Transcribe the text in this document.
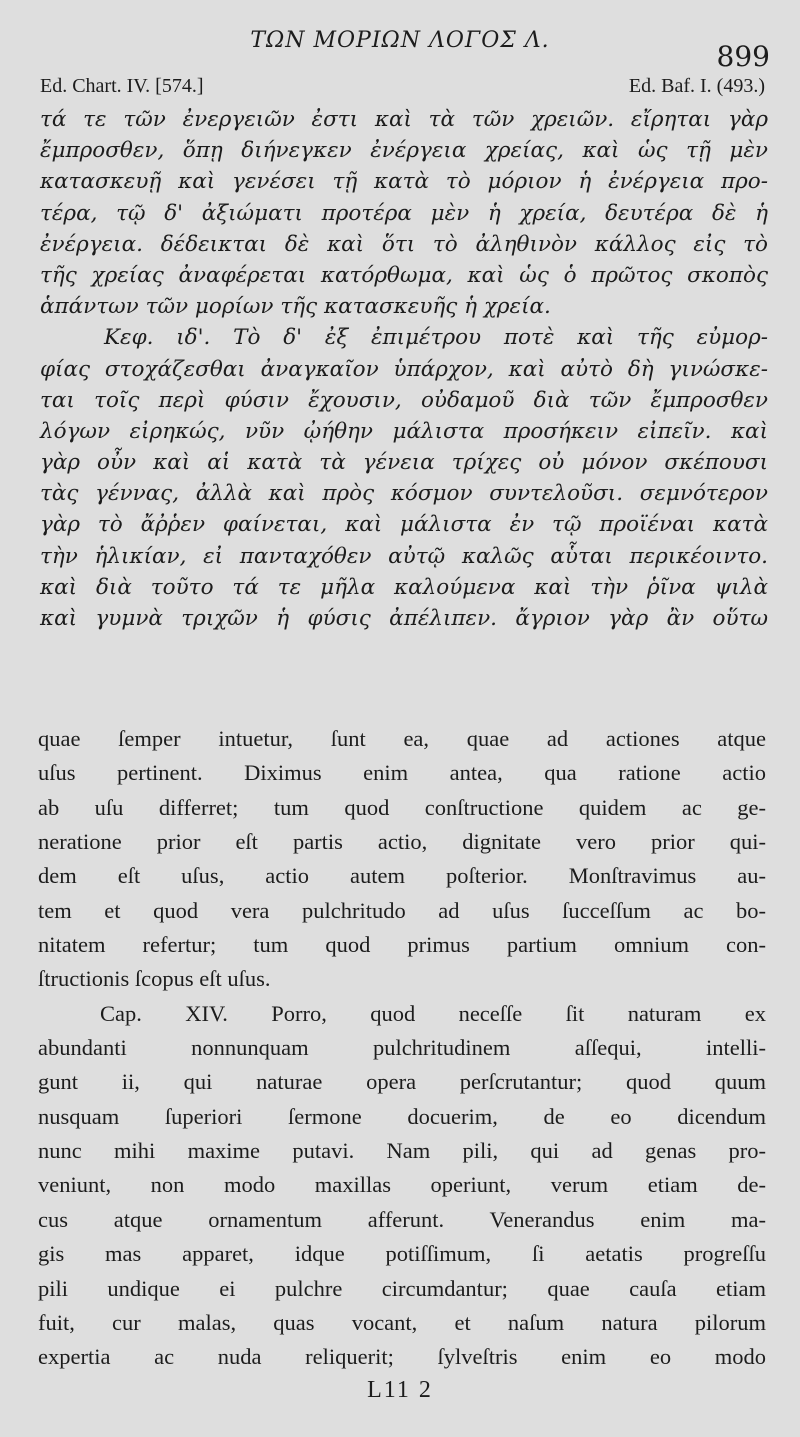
ΤΩΝ ΜΟΡΙΩΝ ΛΟΓΟΣ Λ.	899
Ed. Chart. IV. [574.]	Ed. Baf. I. (493.)
τά τε τῶν ἐνεργειῶν ἐστι καὶ τὰ τῶν χρειῶν. εἴρηται γὰρ
ἔμπροσθεν, ὅπῃ διήνεγκεν ἐνέργεια χρείας, καὶ ὡς τῇ μὲν
κατασκευῇ καὶ γενέσει τῇ κατὰ τὸ μόριον ἡ ἐνέργεια προ-
τέρα, τῷ δ' ἀξιώματι προτέρα μὲν ἡ χρεία, δευτέρα δὲ ἡ
ἐνέργεια. δέδεικται δὲ καὶ ὅτι τὸ ἀληθινὸν κάλλος εἰς τὸ
τῆς χρείας ἀναφέρεται κατόρθωμα, καὶ ὡς ὁ πρῶτος σκοπὸς
ἁπάντων τῶν μορίων τῆς κατασκευῆς ἡ χρεία.
Κεφ. ιδ'. Τὸ δ' ἐξ ἐπιμέτρου ποτὲ καὶ τῆς εὐμορ-
φίας στοχάζεσθαι ἀναγκαῖον ὑπάρχον, καὶ αὐτὸ δὴ γινώσκε-
ται τοῖς περὶ φύσιν ἔχουσιν, οὐδαμοῦ διὰ τῶν ἔμπροσθεν
λόγων εἰρηκώς, νῦν ᾠήθην μάλιστα προσήκειν εἰπεῖν. καὶ
γὰρ οὖν καὶ αἱ κατὰ τὰ γένεια τρίχες οὐ μόνον σκέπουσι
τὰς γέννας, ἀλλὰ καὶ πρὸς κόσμον συντελοῦσι. σεμνότερον
γὰρ τὸ ἄῤῥεν φαίνεται, καὶ μάλιστα ἐν τῷ προϊέναι κατὰ
τὴν ἡλικίαν, εἰ πανταχόθεν αὐτῷ καλῶς αὗται περικέοιντο.
καὶ διὰ τοῦτο τά τε μῆλα καλούμενα καὶ τὴν ῥῖνα ψιλὰ
καὶ γυμνὰ τριχῶν ἡ φύσις ἀπέλιπεν. ἄγριον γὰρ ἂν οὕτω
quae ſemper intuetur, ſunt ea, quae ad actiones atque
uſus pertinent. Diximus enim antea, qua ratione actio
ab uſu differret; tum quod conſtructione quidem ac ge-
neratione prior eſt partis actio, dignitate vero prior qui-
dem eſt uſus, actio autem poſterior. Monſtravimus au-
tem et quod vera pulchritudo ad uſus ſucceſſum ac bo-
nitatem refertur; tum quod primus partium omnium con-
ſtructionis ſcopus eſt uſus.
Cap. XIV. Porro, quod neceſſe ſit naturam ex
abundanti nonnunquam pulchritudinem aſſequi, intelli-
gunt ii, qui naturae opera perſcrutantur; quod quum
nusquam ſuperiori ſermone docuerim, de eo dicendum
nunc mihi maxime putavi. Nam pili, qui ad genas pro-
veniunt, non modo maxillas operiunt, verum etiam de-
cus atque ornamentum afferunt. Venerandus enim ma-
gis mas apparet, idque potiſſimum, ſi aetatis progreſſu
pili undique ei pulchre circumdantur; quae cauſa etiam
fuit, cur malas, quas vocant, et naſum natura pilorum
expertia ac nuda reliquerit; ſylveſtris enim eo modo
L11 2
